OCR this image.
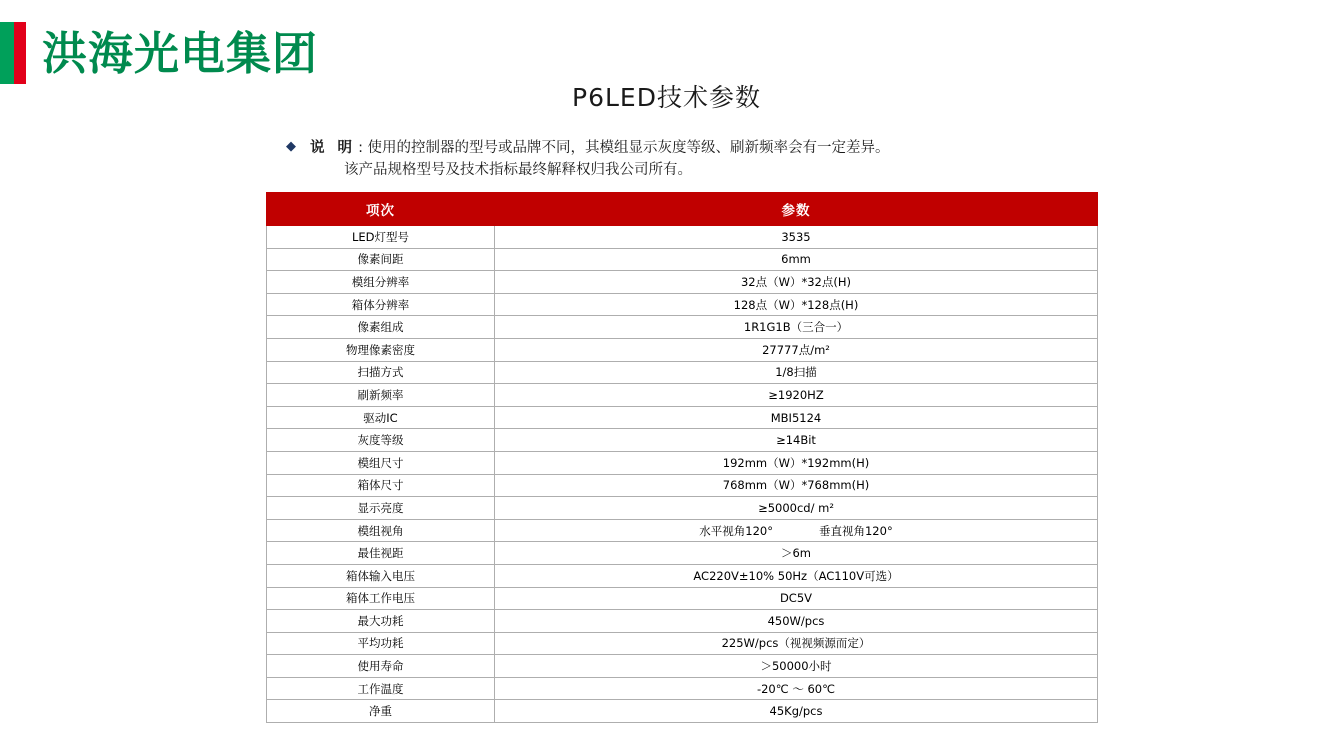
洪海光电集团
P6LED技术参数
◆ 说 明 : 使用的控制器的型号或品牌不同，其模组显示灰度等级、刷新频率会有一定差异。
该产品规格型号及技术指标最终解释权归我公司所有。
项次	参数
LED灯型号	3535
像素间距	6mm
模组分辨率	32点（W）*32点(H)
箱体分辨率	128点（W）*128点(H)
像素组成	1R1G1B（三合一）
物理像素密度	27777点/m²
扫描方式	1/8扫描
刷新频率	≥1920HZ
驱动IC	MBI5124
灰度等级	≥14Bit
模组尺寸	192mm（W）*192mm(H)
箱体尺寸	768mm（W）*768mm(H)
显示亮度	≥5000cd/ m²
模组视角	水平视角120°　　　　垂直视角120°
最佳视距	＞6m
箱体输入电压	AC220V±10% 50Hz（AC110V可选）
箱体工作电压	DC5V
最大功耗	450W/pcs
平均功耗	225W/pcs（视视频源而定）
使用寿命	＞50000小时
工作温度	-20℃ ～ 60℃
净重	45Kg/pcs
